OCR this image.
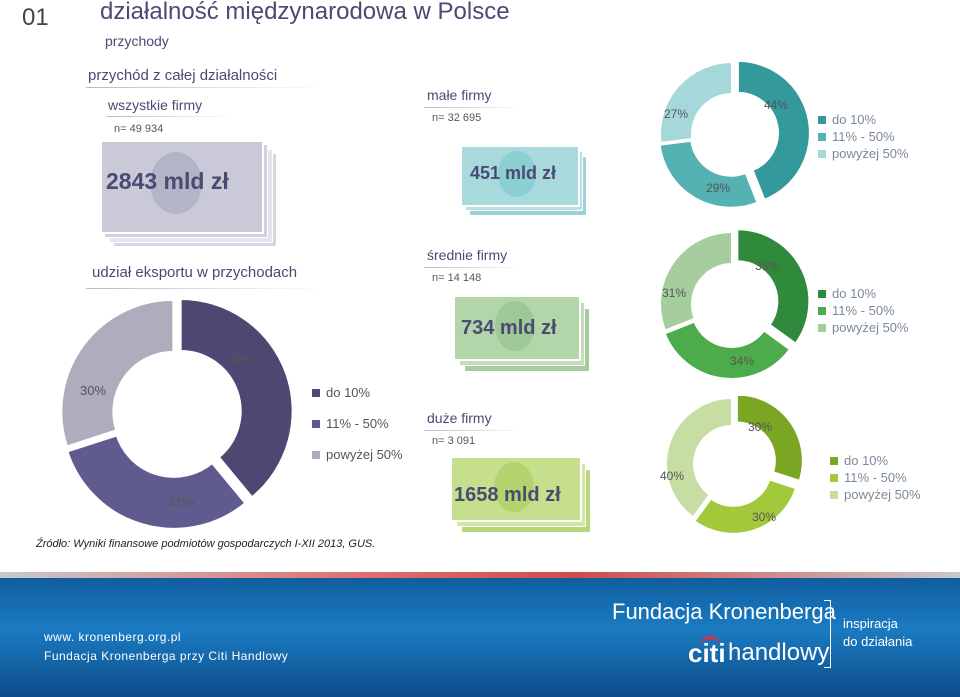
01 działalność międzynarodowa w Polsce
przychody
przychód z całej działalności
wszystkie firmy
n= 49 934
2843 mld zł
udział eksportu w przychodach
39%
31%
30%	do 10%
11% - 50%
powyżej 50%
małe firmy
n= 32 695
451 mld zł
44%
29%
27%	do 10%
11% - 50%
powyżej 50%
średnie firmy
n= 14 148
734 mld zł
35%
34%
31%	do 10%
11% - 50%
powyżej 50%
duże firmy
n= 3 091
1658 mld zł
30%
30%
40%
do 10%
11% - 50%
powyżej 50%
Źródło: Wyniki finansowe podmiotów gospodarczych I-XII 2013, GUS.
www. kronenberg.org.pl
Fundacja Kronenberga przy Citi Handlowy
Fundacja Kronenberga
citi handlowy
inspiracja
do działania
